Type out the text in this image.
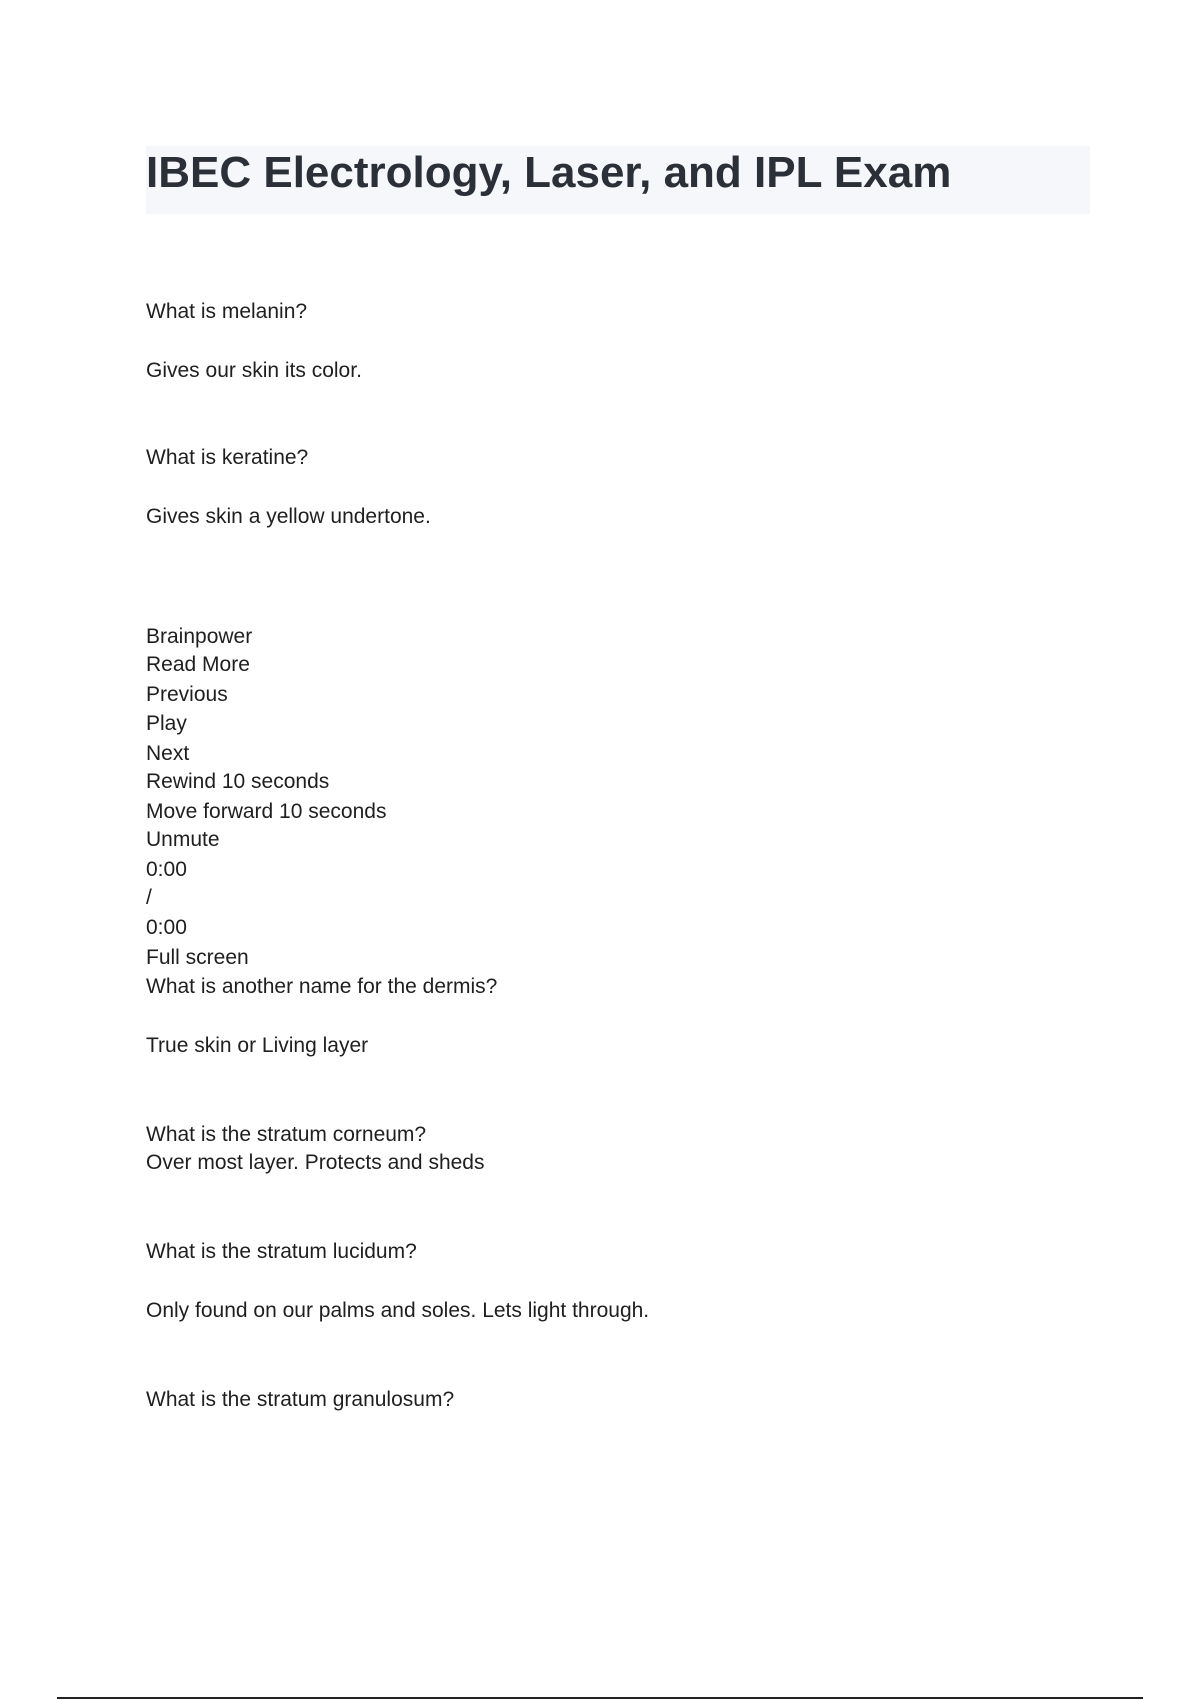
IBEC Electrology, Laser, and IPL Exam
What is melanin?
Gives our skin its color.
What is keratine?
Gives skin a yellow undertone.
Brainpower
Read More
Previous
Play
Next
Rewind 10 seconds
Move forward 10 seconds
Unmute
0:00
/
0:00
Full screen
What is another name for the dermis?
True skin or Living layer
What is the stratum corneum?
Over most layer. Protects and sheds
What is the stratum lucidum?
Only found on our palms and soles. Lets light through.
What is the stratum granulosum?
